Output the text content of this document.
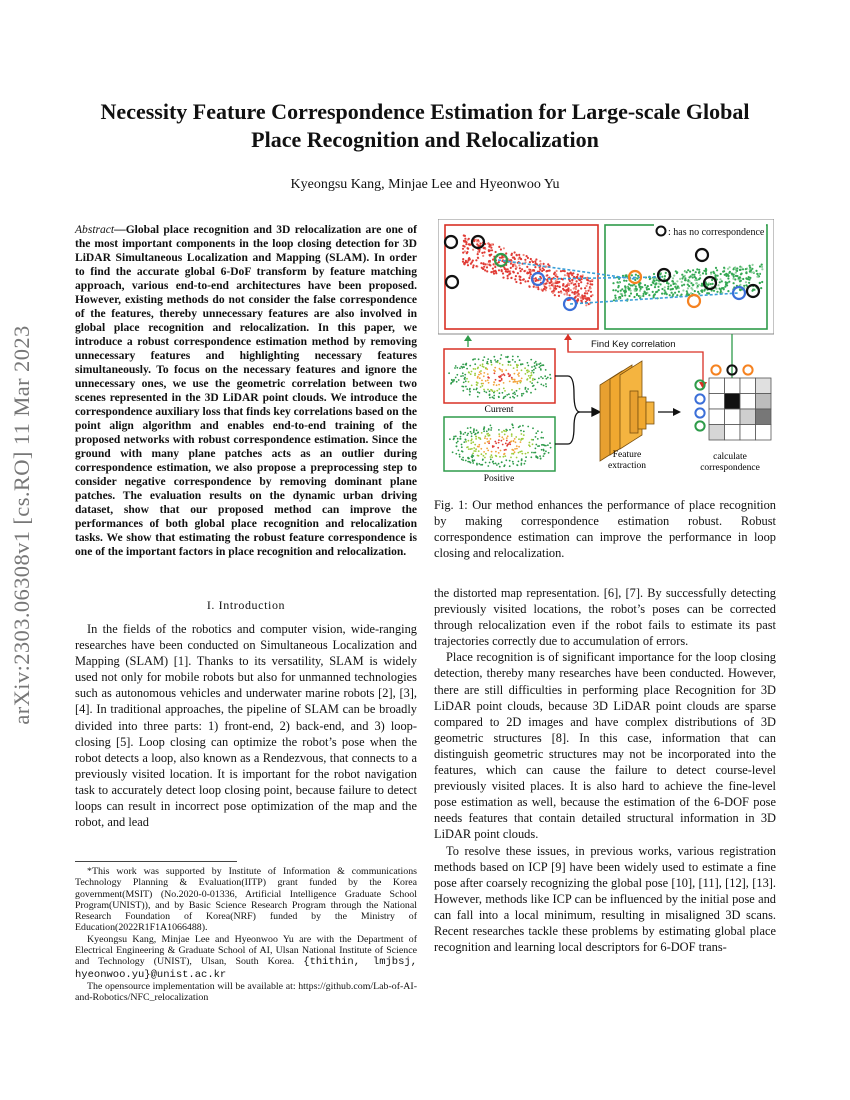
arXiv:2303.06308v1 [cs.RO] 11 Mar 2023
Necessity Feature Correspondence Estimation for Large-scale Global
Place Recognition and Relocalization
Kyeongsu Kang, Minjae Lee and Hyeonwoo Yu

Abstract—Global place recognition and 3D relocalization are one of the most important components in the loop closing detection for 3D LiDAR Simultaneous Localization and Mapping (SLAM). In order to find the accurate global 6-DoF transform by feature matching approach, various end-to-end architectures have been proposed. However, existing methods do not consider the false correspondence of the features, thereby unnecessary features are also involved in global place recognition and relocalization. In this paper, we introduce a robust correspondence estimation method by removing unnecessary features and highlighting necessary features simultaneously. To focus on the necessary features and ignore the unnecessary ones, we use the geometric correlation between two scenes represented in the 3D LiDAR point clouds. We introduce the correspondence auxiliary loss that finds key correlations based on the point align algorithm and enables end-to-end training of the proposed networks with robust correspondence estimation. Since the ground with many plane patches acts as an outlier during correspondence estimation, we also propose a preprocessing step to consider negative correspondence by removing dominant plane patches. The evaluation results on the dynamic urban driving dataset, show that our proposed method can improve the performances of both global place recognition and relocalization tasks. We show that estimating the robust feature correspondence is one of the important factors in place recognition and relocalization.

I. Introduction

In the fields of the robotics and computer vision, wide-ranging researches have been conducted on Simultaneous Localization and Mapping (SLAM) [1]. Thanks to its versatility, SLAM is widely used not only for mobile robots but also for unmanned technologies such as autonomous vehicles and underwater marine robots [2], [3], [4]. In traditional approaches, the pipeline of SLAM can be broadly divided into three parts: 1) front-end, 2) back-end, and 3) loop-closing [5]. Loop closing can optimize the robot’s pose when the robot detects a loop, also known as a Rendezvous, that connects to a previously visited location. It is important for the robot navigation task to accurately detect loop closing point, because failure to detect loops can result in incorrect pose optimization of the map and the robot, and lead

*This work was supported by Institute of Information & communications Technology Planning & Evaluation(IITP) grant funded by the Korea government(MSIT) (No.2020-0-01336, Artificial Intelligence Graduate School Program(UNIST)), and by Basic Science Research Program through the National Research Foundation of Korea(NRF) funded by the Ministry of Education(2022R1F1A1066488).

Kyeongsu Kang, Minjae Lee and Hyeonwoo Yu are with the Department of Electrical Engineering & Graduate School of AI, Ulsan National Institute of Science and Technology (UNIST), Ulsan, South Korea. {thithin, lmjbsj, hyeonwoo.yu}@unist.ac.kr

The opensource implementation will be available at: https://github.com/Lab-of-AI-and-Robotics/NFC_relocalization

: has no correspondence
Find Key correlation
Current
Positive
Feature
extraction
calculate
correspondence
Fig. 1: Our method enhances the performance of place recognition by making correspondence estimation robust. Robust correspondence estimation can improve the performance in loop closing and relocalization.

the distorted map representation. [6], [7]. By successfully detecting previously visited locations, the robot’s poses can be corrected through relocalization even if the robot fails to estimate its past trajectories correctly due to accumulation of errors.

Place recognition is of significant importance for the loop closing detection, thereby many researches have been conducted. However, there are still difficulties in performing place Recognition for 3D LiDAR point clouds, because 3D LiDAR point clouds are sparse compared to 2D images and have complex distributions of 3D geometric structures [8]. In this case, information that can distinguish geometric structures may not be incorporated into the features, which can cause the failure to detect course-level previously visited places. It is also hard to achieve the fine-level pose estimation as well, because the estimation of the 6-DOF pose needs features that contain detailed structural information in 3D LiDAR point clouds.

To resolve these issues, in previous works, various registration methods based on ICP [9] have been widely used to estimate a fine pose after coarsely recognizing the global pose [10], [11], [12], [13]. However, methods like ICP can be influenced by the initial pose and can fall into a local minimum, resulting in misaligned 3D scans. Recent researches tackle these problems by estimating global place recognition and learning local descriptors for 6-DOF trans-
